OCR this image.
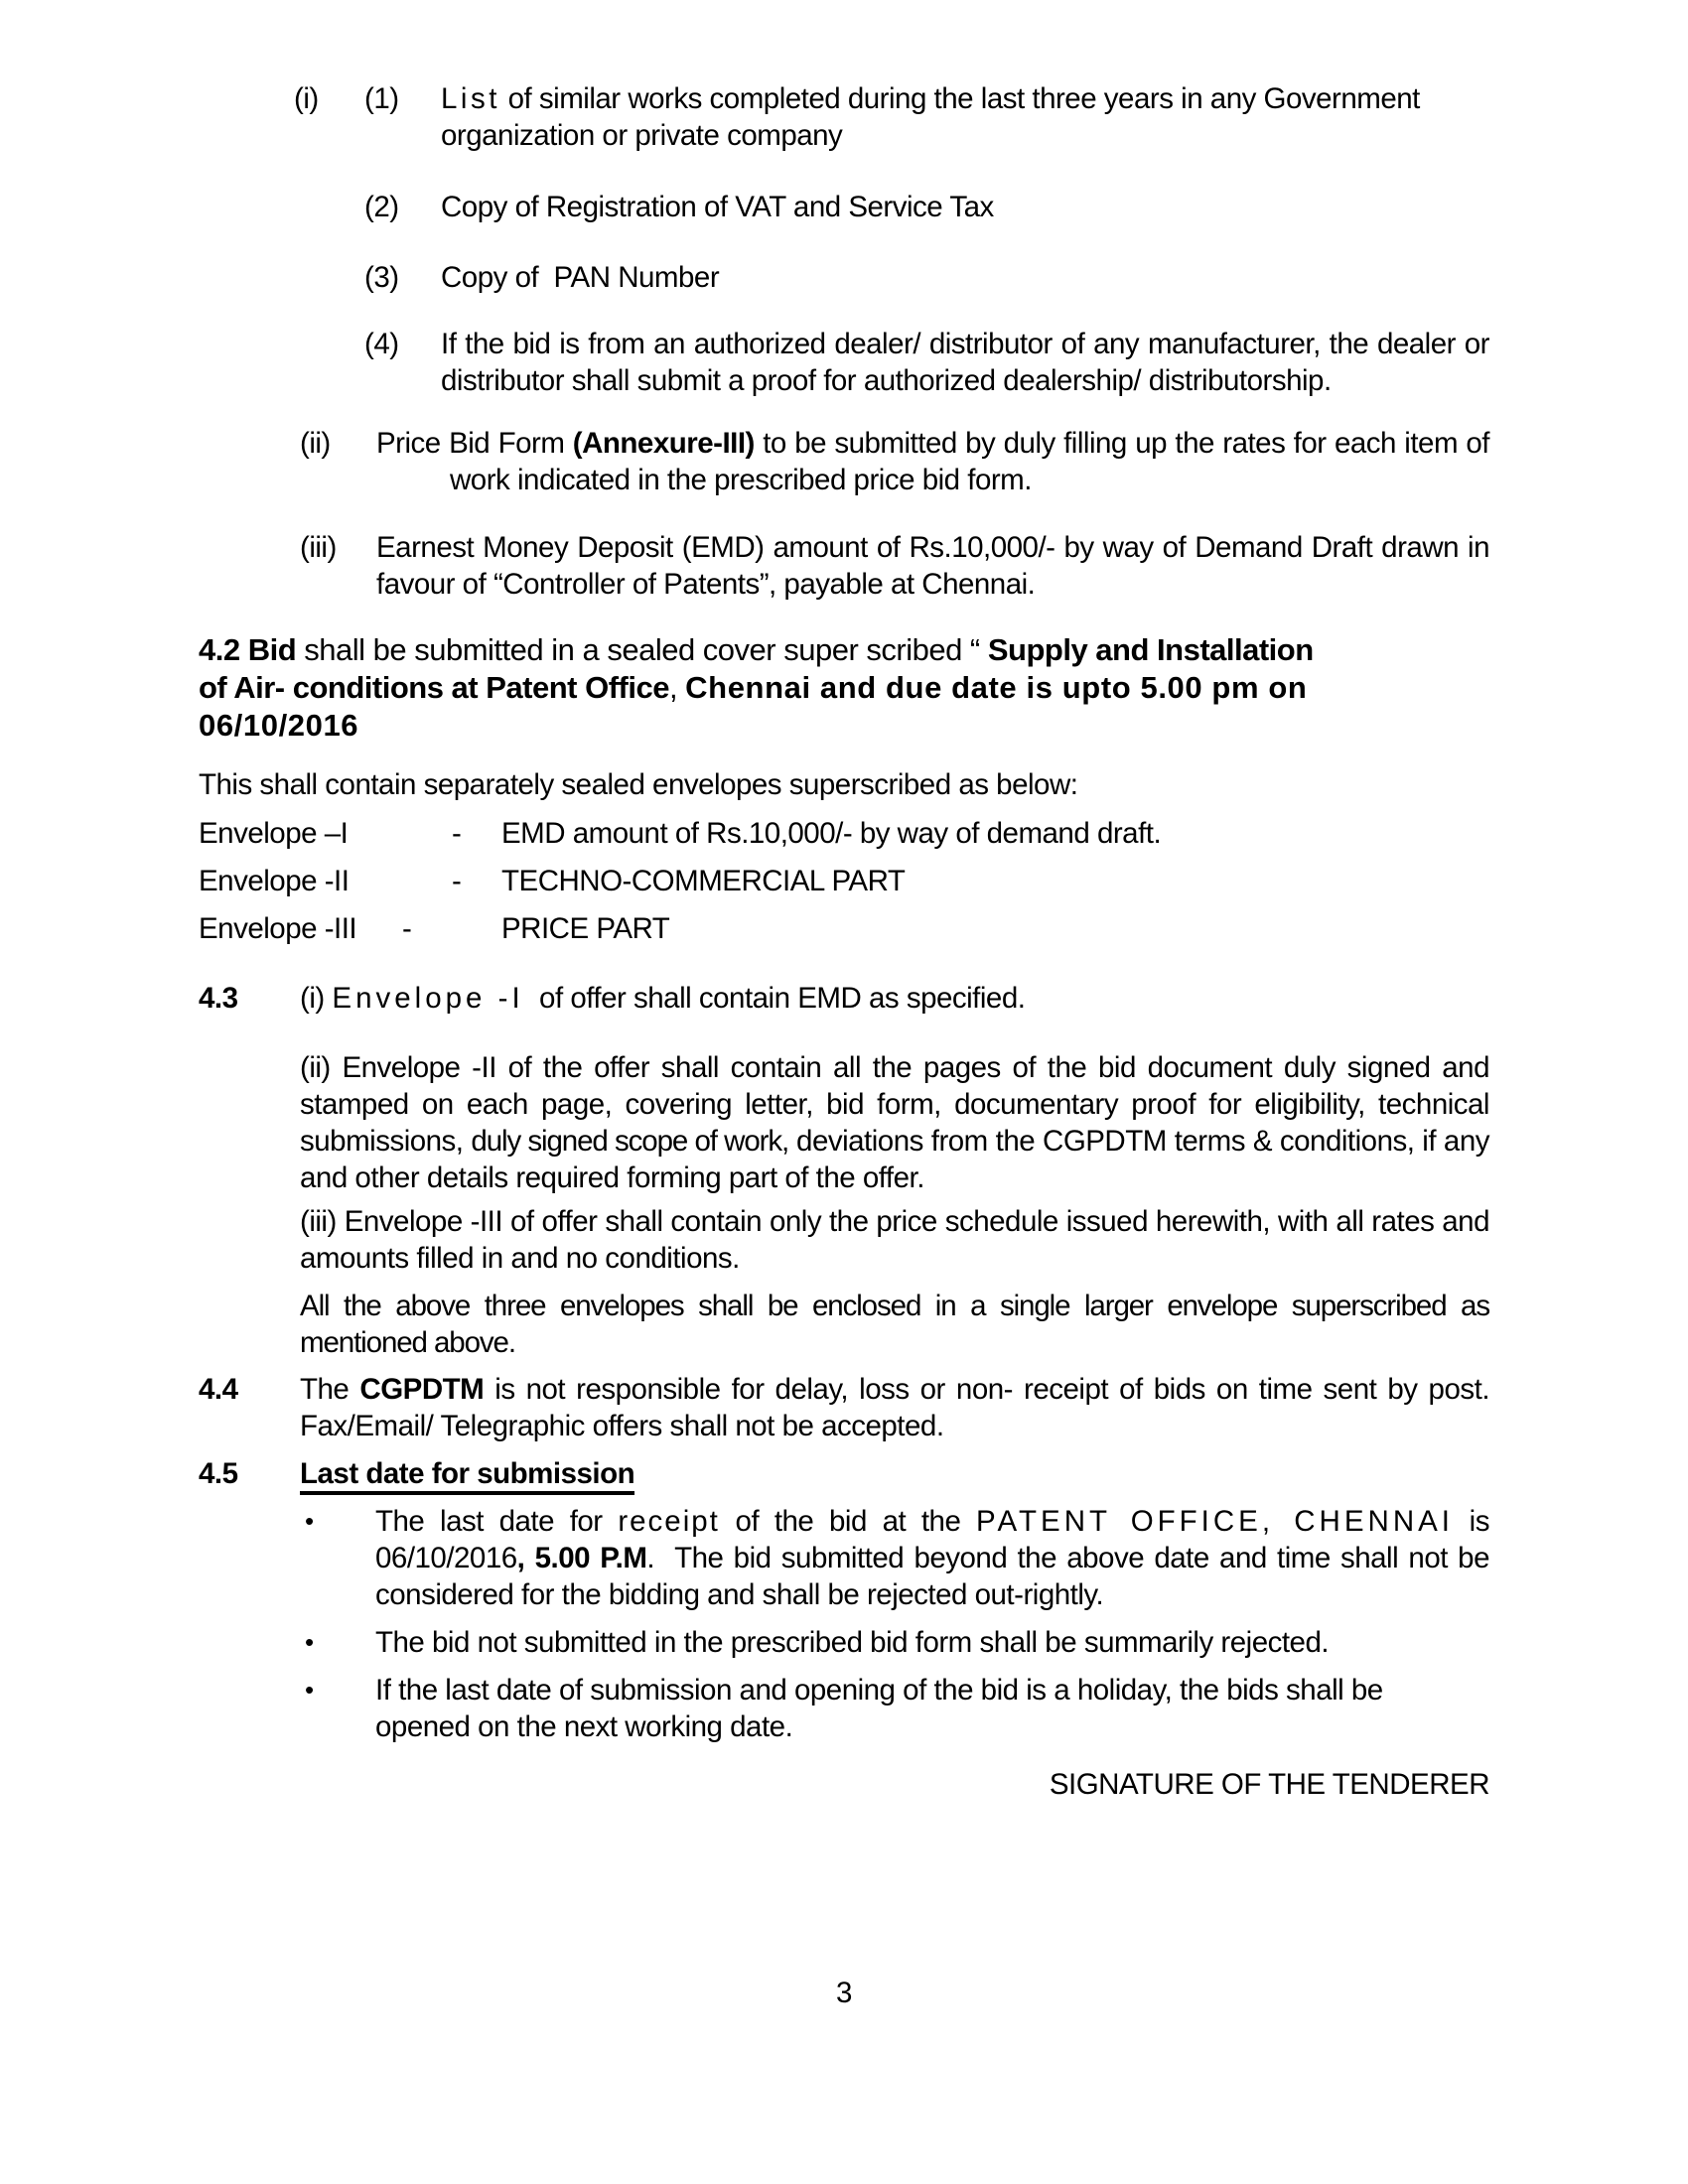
(i)	(1)	List of similar works completed during the last three years in any Government
organization or private company
(2)	Copy of Registration of VAT and Service Tax
(3)	Copy of  PAN Number
(4)	If the bid is from an authorized dealer/ distributor of any manufacturer, the dealer or distributor shall submit a proof for authorized dealership/ distributorship.
(ii)	Price Bid Form (Annexure-III) to be submitted by duly filling up the rates for each item of work indicated in the prescribed price bid form.
(iii)	Earnest Money Deposit (EMD) amount of Rs.10,000/- by way of Demand Draft drawn in favour of “Controller of Patents”, payable at Chennai.
4.2 Bid shall be submitted in a sealed cover super scribed “ Supply and Installation
of Air- conditions at Patent Office, Chennai and due date is upto 5.00 pm on
06/10/2016
This shall contain separately sealed envelopes superscribed as below:
Envelope –I	-	EMD amount of Rs.10,000/- by way of demand draft.
Envelope -II	-	TECHNO-COMMERCIAL PART
Envelope -III	-	PRICE PART
4.3	(i) Envelope -I  of offer shall contain EMD as specified.
(ii) Envelope -II of the offer shall contain all the pages of the bid document duly signed and stamped on each page, covering letter, bid form, documentary proof for eligibility, technical submissions, duly signed scope of work, deviations from the CGPDTM terms & conditions, if any and other details required forming part of the offer.
(iii) Envelope -III of offer shall contain only the price schedule issued herewith, with all rates and amounts filled in and no conditions.
All the above three envelopes shall be enclosed in a single larger envelope superscribed as mentioned above.
4.4	The CGPDTM is not responsible for delay, loss or non- receipt of bids on time sent by post. Fax/Email/ Telegraphic offers shall not be accepted.
4.5	Last date for submission
•	The last date for receipt of the bid at the PATENT OFFICE, CHENNAI is 06/10/2016, 5.00 P.M.  The bid submitted beyond the above date and time shall not be considered for the bidding and shall be rejected out-rightly.
•	The bid not submitted in the prescribed bid form shall be summarily rejected.
•	If the last date of submission and opening of the bid is a holiday, the bids shall be
opened on the next working date.
SIGNATURE OF THE TENDERER
3
